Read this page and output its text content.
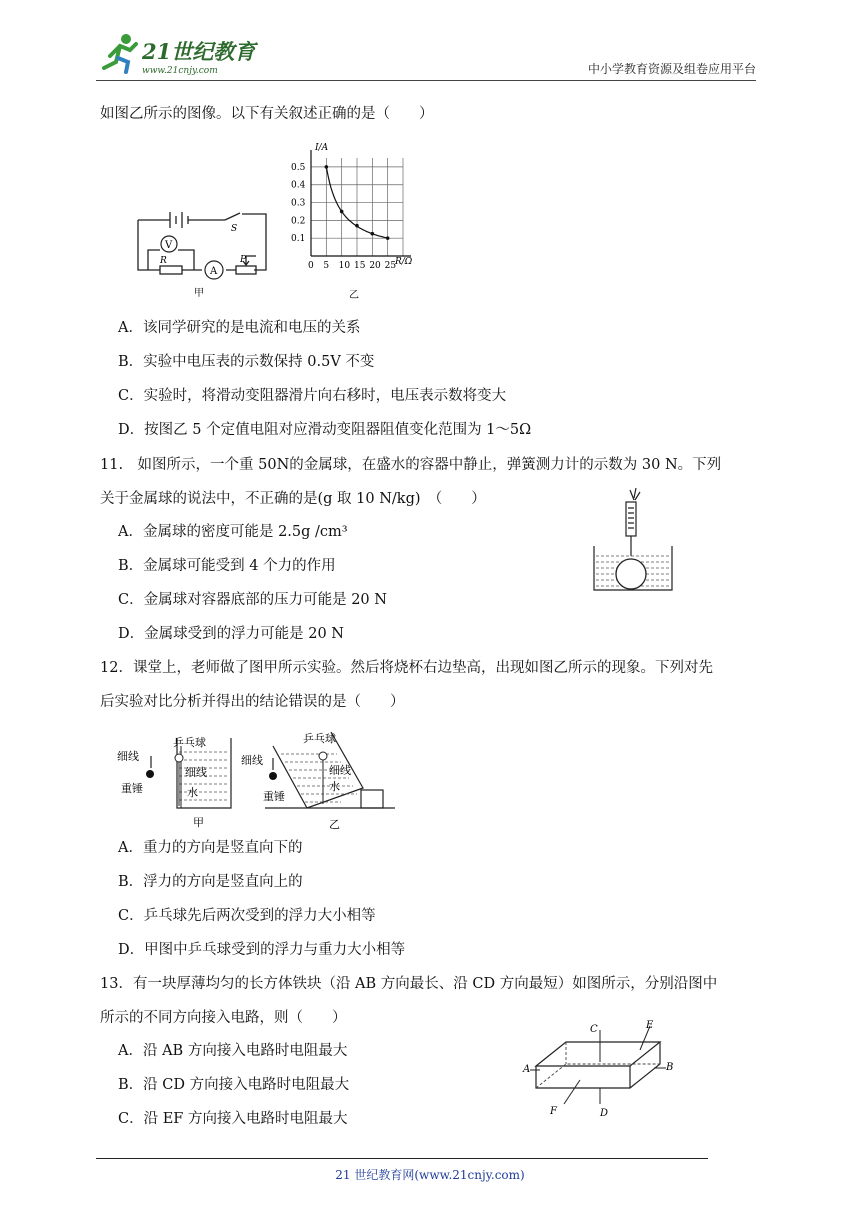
21世纪教育
www.21cnjy.com	中小学教育资源及组卷应用平台
如图乙所示的图像。以下有关叙述正确的是（　　）
V
A
S
R	P
甲
0 5 10 15 20 25
0.1
0.2
0.3
0.4
0.5
I/A
R/Ω
乙
A．该同学研究的是电流和电压的关系
B．实验中电压表的示数保持 0.5V 不变
C．实验时，将滑动变阻器滑片向右移时，电压表示数将变大
D．按图乙 5 个定值电阻对应滑动变阻器阻值变化范围为 1～5Ω
11.　如图所示，一个重 50N的金属球，在盛水的容器中静止，弹簧测力计的示数为 30 N。下列
关于金属球的说法中，不正确的是(g 取 10 N/kg)　（　　）
A．金属球的密度可能是 2.5g /cm³
B．金属球可能受到 4 个力的作用
C．金属球对容器底部的压力可能是 20 N
D．金属球受到的浮力可能是 20 N
12．课堂上，老师做了图甲所示实验。然后将烧杯右边垫高，出现如图乙所示的现象。下列对先
后实验对比分析并得出的结论错误的是（　　）
细线
乒乓球
重锤
细线
水
甲
细线
乒乓球
重锤
细线
水
乙
A．重力的方向是竖直向下的
B．浮力的方向是竖直向上的
C．乒乓球先后两次受到的浮力大小相等
D．甲图中乒乓球受到的浮力与重力大小相等
13．有一块厚薄均匀的长方体铁块（沿 AB 方向最长、沿 CD 方向最短）如图所示，分别沿图中
所示的不同方向接入电路，则（　　）
A．沿 AB 方向接入电路时电阻最大
B．沿 CD 方向接入电路时电阻最大
C．沿 EF 方向接入电路时电阻最大
C	E
A	B
F	D
21 世纪教育网(www.21cnjy.com)
